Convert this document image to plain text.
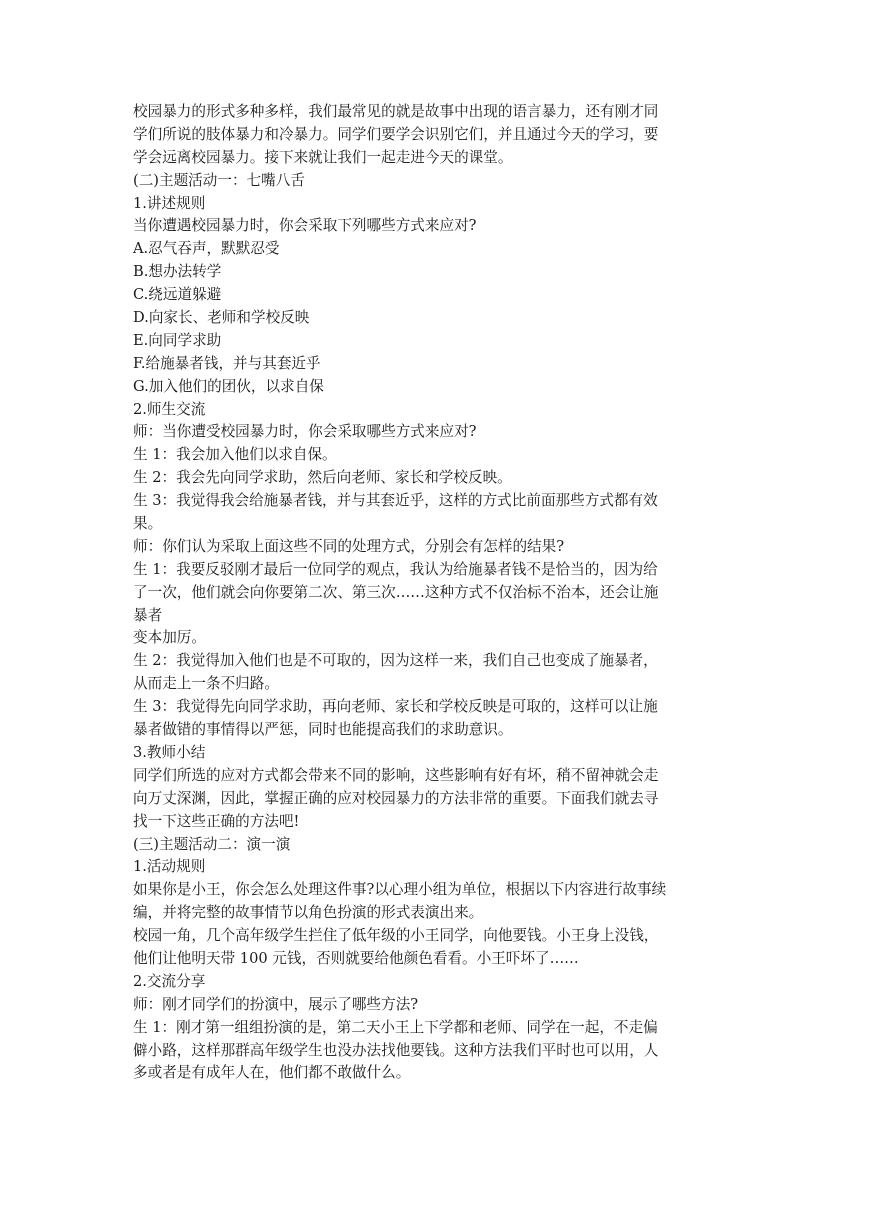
校园暴力的形式多种多样，我们最常见的就是故事中出现的语言暴力，还有刚才同
学们所说的肢体暴力和冷暴力。同学们要学会识别它们，并且通过今天的学习，要
学会远离校园暴力。接下来就让我们一起走进今天的课堂。
(二)主题活动一：七嘴八舌
1.讲述规则
当你遭遇校园暴力时，你会采取下列哪些方式来应对?
A.忍气吞声，默默忍受
B.想办法转学
C.绕远道躲避
D.向家长、老师和学校反映
E.向同学求助
F.给施暴者钱，并与其套近乎
G.加入他们的团伙，以求自保
2.师生交流
师：当你遭受校园暴力时，你会采取哪些方式来应对?
生 1：我会加入他们以求自保。
生 2：我会先向同学求助，然后向老师、家长和学校反映。
生 3：我觉得我会给施暴者钱，并与其套近乎，这样的方式比前面那些方式都有效
果。
师：你们认为采取上面这些不同的处理方式，分别会有怎样的结果?
生 1：我要反驳刚才最后一位同学的观点，我认为给施暴者钱不是恰当的，因为给
了一次，他们就会向你要第二次、第三次……这种方式不仅治标不治本，还会让施
暴者
变本加厉。
生 2：我觉得加入他们也是不可取的，因为这样一来，我们自己也变成了施暴者，
从而走上一条不归路。
生 3：我觉得先向同学求助，再向老师、家长和学校反映是可取的，这样可以让施
暴者做错的事情得以严惩，同时也能提高我们的求助意识。
3.教师小结
同学们所选的应对方式都会带来不同的影响，这些影响有好有坏，稍不留神就会走
向万丈深渊，因此，掌握正确的应对校园暴力的方法非常的重要。下面我们就去寻
找一下这些正确的方法吧!
(三)主题活动二：演一演
1.活动规则
如果你是小王，你会怎么处理这件事?以心理小组为单位，根据以下内容进行故事续
编，并将完整的故事情节以角色扮演的形式表演出来。
校园一角，几个高年级学生拦住了低年级的小王同学，向他要钱。小王身上没钱，
他们让他明天带 100 元钱，否则就要给他颜色看看。小王吓坏了……
2.交流分享
师：刚才同学们的扮演中，展示了哪些方法?
生 1：刚才第一组组扮演的是，第二天小王上下学都和老师、同学在一起，不走偏
僻小路，这样那群高年级学生也没办法找他要钱。这种方法我们平时也可以用，人
多或者是有成年人在，他们都不敢做什么。
